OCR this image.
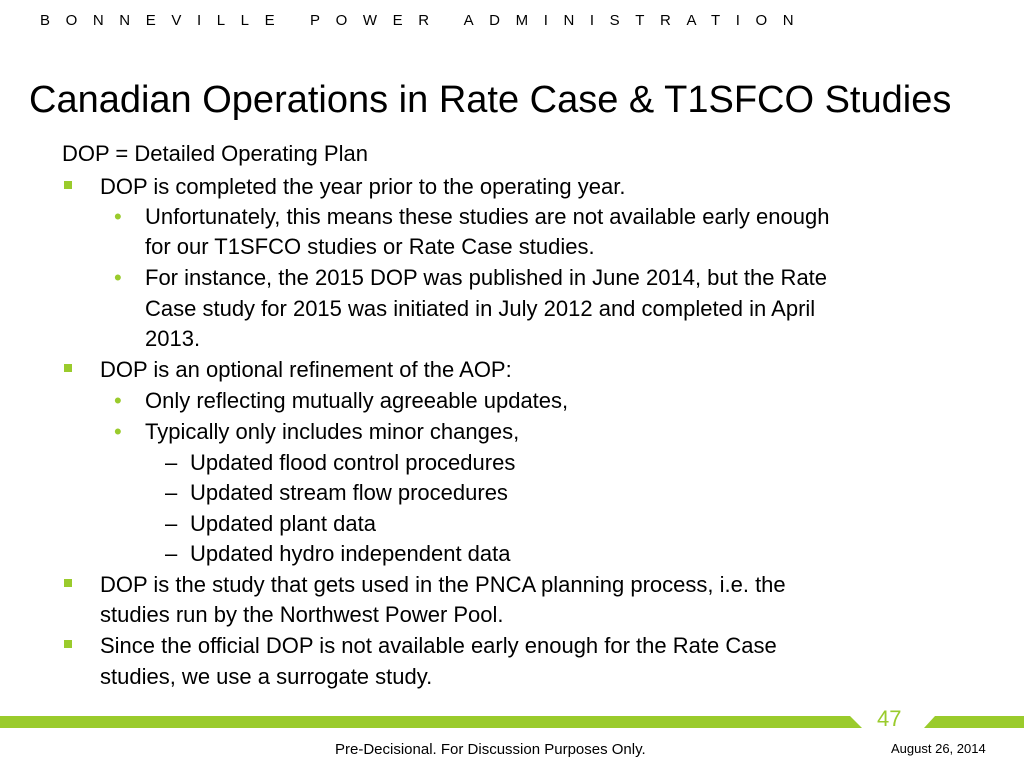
BONNEVILLE POWER ADMINISTRATION
Canadian Operations in Rate Case & T1SFCO Studies
DOP = Detailed Operating Plan
DOP is completed the year prior to the operating year.
• Unfortunately, this means these studies are not available early enough
for our T1SFCO studies or Rate Case studies.
• For instance, the 2015 DOP was published in June 2014, but the Rate
Case study for 2015 was initiated in July 2012 and completed in April
2013.
DOP is an optional refinement of the AOP:
• Only reflecting mutually agreeable updates,
• Typically only includes minor changes,
– Updated flood control procedures
– Updated stream flow procedures
– Updated plant data
– Updated hydro independent data
DOP is the study that gets used in the PNCA planning process, i.e. the
studies run by the Northwest Power Pool.
Since the official DOP is not available early enough for the Rate Case
studies, we use a surrogate study.
47
Pre-Decisional. For Discussion Purposes Only.	August 26, 2014
